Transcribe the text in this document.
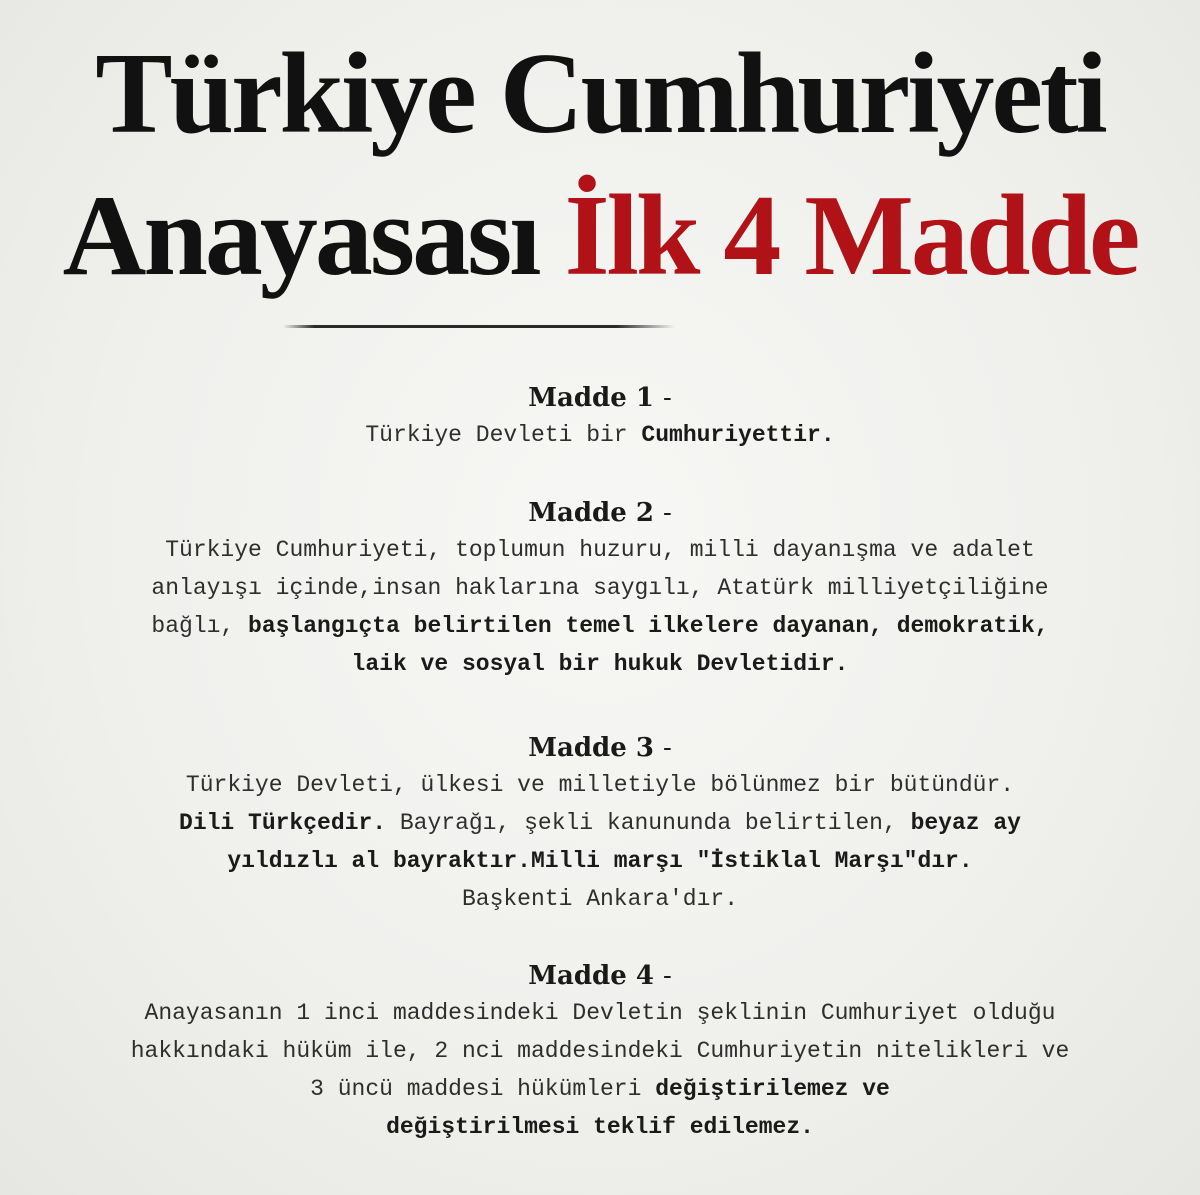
Türkiye Cumhuriyeti
Anayasası İlk 4 Madde
Madde 1 -
Türkiye Devleti bir Cumhuriyettir.
Madde 2 -
Türkiye Cumhuriyeti, toplumun huzuru, milli dayanışma ve adalet
anlayışı içinde,insan haklarına saygılı, Atatürk milliyetçiliğine
bağlı, başlangıçta belirtilen temel ilkelere dayanan, demokratik,
laik ve sosyal bir hukuk Devletidir.
Madde 3 -
Türkiye Devleti, ülkesi ve milletiyle bölünmez bir bütündür.
Dili Türkçedir. Bayrağı, şekli kanununda belirtilen, beyaz ay
yıldızlı al bayraktır.Milli marşı "İstiklal Marşı"dır.
Başkenti Ankara'dır.
Madde 4 -
Anayasanın 1 inci maddesindeki Devletin şeklinin Cumhuriyet olduğu
hakkındaki hüküm ile, 2 nci maddesindeki Cumhuriyetin nitelikleri ve
3 üncü maddesi hükümleri değiştirilemez ve
değiştirilmesi teklif edilemez.
